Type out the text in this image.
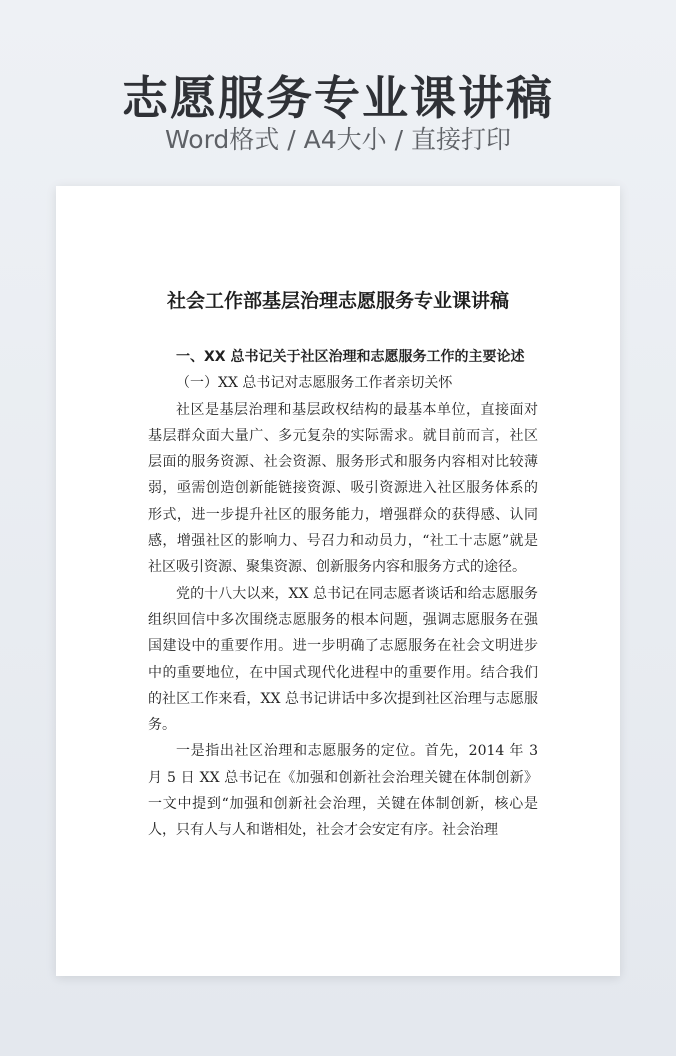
志愿服务专业课讲稿
Word格式 / A4大小 / 直接打印
社会工作部基层治理志愿服务专业课讲稿

一、XX 总书记关于社区治理和志愿服务工作的主要论述

（一）XX 总书记对志愿服务工作者亲切关怀

社区是基层治理和基层政权结构的最基本单位，直接面对基层群众面大量广、多元复杂的实际需求。就目前而言，社区层面的服务资源、社会资源、服务形式和服务内容相对比较薄弱，亟需创造创新能链接资源、吸引资源进入社区服务体系的形式，进一步提升社区的服务能力，增强群众的获得感、认同感，增强社区的影响力、号召力和动员力，“社工十志愿”就是社区吸引资源、聚集资源、创新服务内容和服务方式的途径。

党的十八大以来，XX 总书记在同志愿者谈话和给志愿服务组织回信中多次围绕志愿服务的根本问题，强调志愿服务在强国建设中的重要作用。进一步明确了志愿服务在社会文明进步中的重要地位，在中国式现代化进程中的重要作用。结合我们的社区工作来看，XX 总书记讲话中多次提到社区治理与志愿服务。

一是指出社区治理和志愿服务的定位。首先，2014 年 3 月 5 日 XX 总书记在《加强和创新社会治理关键在体制创新》一文中提到“加强和创新社会治理，关键在体制创新，核心是人，只有人与人和谐相处，社会才会安定有序。社会治理
